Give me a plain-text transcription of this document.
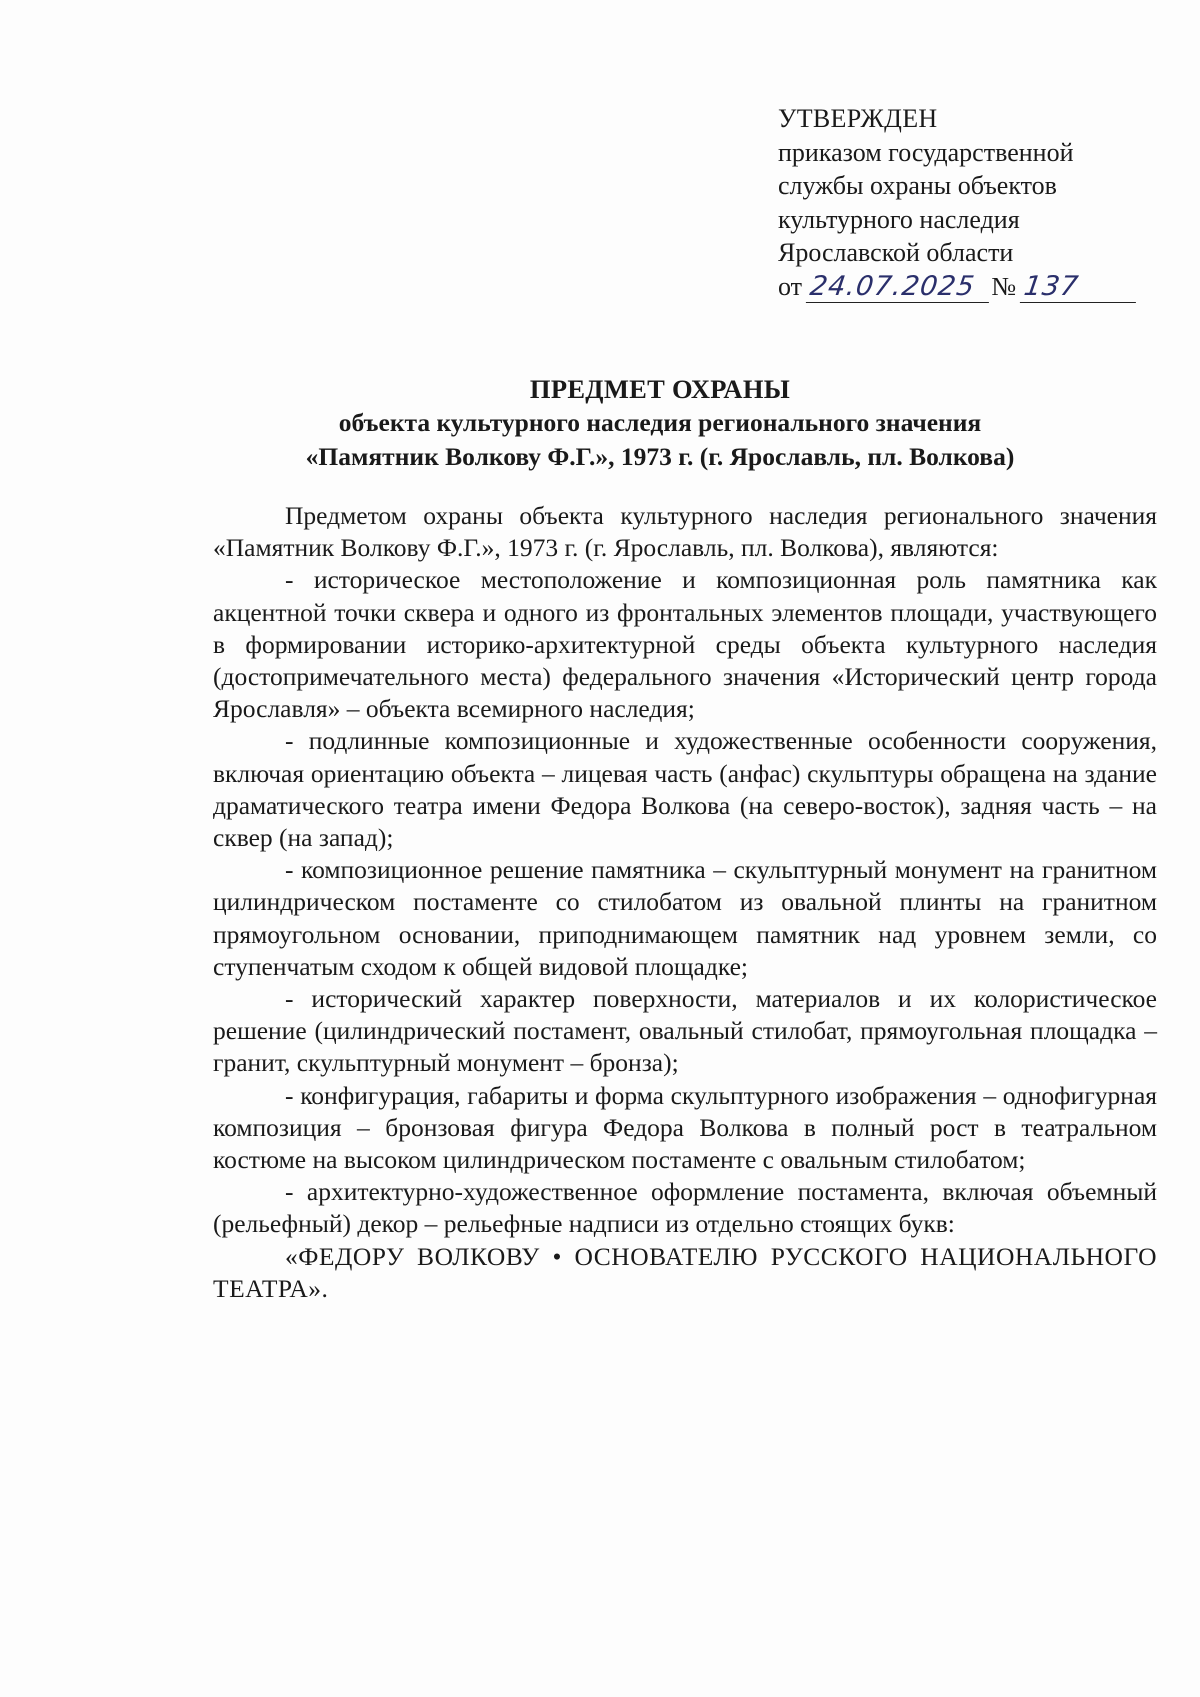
УТВЕРЖДЕН
приказом государственной
службы охраны объектов
культурного наследия
Ярославской области
от 24.07.2025 № 137
ПРЕДМЕТ ОХРАНЫ
объекта культурного наследия регионального значения
«Памятник Волкову Ф.Г.», 1973 г. (г. Ярославль, пл. Волкова)

Предметом охраны объекта культурного наследия регионального значения «Памятник Волкову Ф.Г.», 1973 г. (г. Ярославль, пл. Волкова), являются:

- историческое местоположение и композиционная роль памятника как акцентной точки сквера и одного из фронтальных элементов площади, участвующего в формировании историко-архитектурной среды объекта культурного наследия (достопримечательного места) федерального значения «Исторический центр города Ярославля» – объекта всемирного наследия;

- подлинные композиционные и художественные особенности сооружения, включая ориентацию объекта – лицевая часть (анфас) скульптуры обращена на здание драматического театра имени Федора Волкова (на северо-восток), задняя часть – на сквер (на запад);

- композиционное решение памятника – скульптурный монумент на гранитном цилиндрическом постаменте со стилобатом из овальной плинты на гранитном прямоугольном основании, приподнимающем памятник над уровнем земли, со ступенчатым сходом к общей видовой площадке;

- исторический характер поверхности, материалов и их колористическое решение (цилиндрический постамент, овальный стилобат, прямоугольная площадка – гранит, скульптурный монумент – бронза);

- конфигурация, габариты и форма скульптурного изображения – однофигурная композиция – бронзовая фигура Федора Волкова в полный рост в театральном костюме на высоком цилиндрическом постаменте с овальным стилобатом;

- архитектурно-художественное оформление постамента, включая объемный (рельефный) декор – рельефные надписи из отдельно стоящих букв:

«ФЕДОРУ ВОЛКОВУ • ОСНОВАТЕЛЮ РУССКОГО НАЦИОНАЛЬНОГО ТЕАТРА».
